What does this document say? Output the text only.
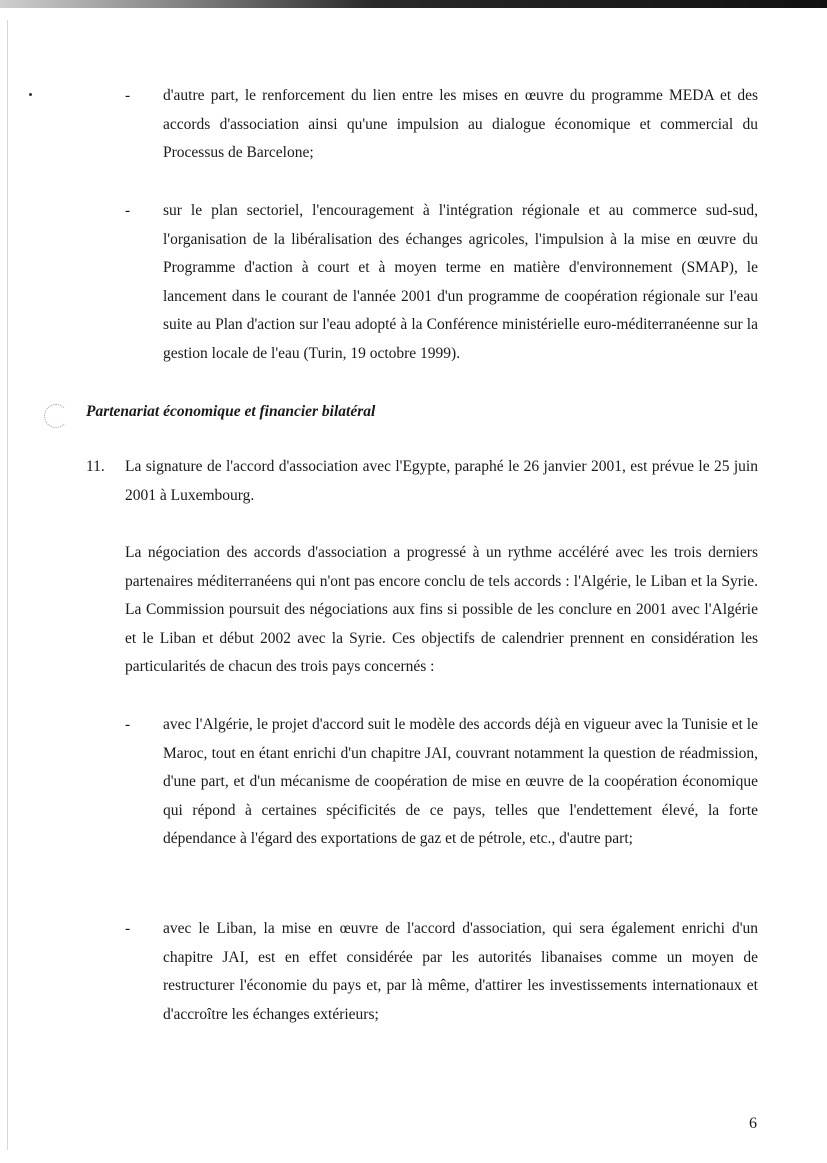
- d'autre part, le renforcement du lien entre les mises en œuvre du programme MEDA et des accords d'association ainsi qu'une impulsion au dialogue économique et commercial du Processus de Barcelone;
- sur le plan sectoriel, l'encouragement à l'intégration régionale et au commerce sud-sud, l'organisation de la libéralisation des échanges agricoles, l'impulsion à la mise en œuvre du Programme d'action à court et à moyen terme en matière d'environnement (SMAP), le lancement dans le courant de l'année 2001 d'un programme de coopération régionale sur l'eau suite au Plan d'action sur l'eau adopté à la Conférence ministérielle euro-méditerranéenne sur la gestion locale de l'eau (Turin, 19 octobre 1999).
Partenariat économique et financier bilatéral
11. La signature de l'accord d'association avec l'Egypte, paraphé le 26 janvier 2001, est prévue le 25 juin 2001 à Luxembourg.
La négociation des accords d'association a progressé à un rythme accéléré avec les trois derniers partenaires méditerranéens qui n'ont pas encore conclu de tels accords : l'Algérie, le Liban et la Syrie. La Commission poursuit des négociations aux fins si possible de les conclure en 2001 avec l'Algérie et le Liban et début 2002 avec la Syrie. Ces objectifs de calendrier prennent en considération les particularités de chacun des trois pays concernés :
- avec l'Algérie, le projet d'accord suit le modèle des accords déjà en vigueur avec la Tunisie et le Maroc, tout en étant enrichi d'un chapitre JAI, couvrant notamment la question de réadmission, d'une part, et d'un mécanisme de coopération de mise en œuvre de la coopération économique qui répond à certaines spécificités de ce pays, telles que l'endettement élevé, la forte dépendance à l'égard des exportations de gaz et de pétrole, etc., d'autre part;
- avec le Liban, la mise en œuvre de l'accord d'association, qui sera également enrichi d'un chapitre JAI, est en effet considérée par les autorités libanaises comme un moyen de restructurer l'économie du pays et, par là même, d'attirer les investissements internationaux et d'accroître les échanges extérieurs;
6
